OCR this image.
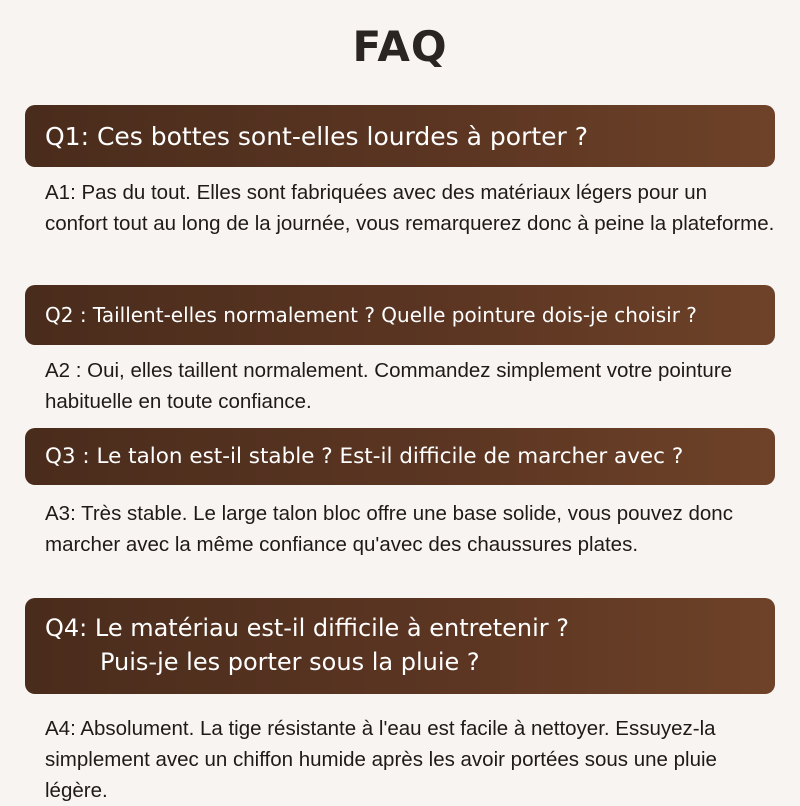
FAQ
Q1: Ces bottes sont-elles lourdes à porter ?
A1: Pas du tout. Elles sont fabriquées avec des matériaux légers pour un confort tout au long de la journée, vous remarquerez donc à peine la plateforme.
Q2 : Taillent-elles normalement ? Quelle pointure dois-je choisir ?
A2 : Oui, elles taillent normalement. Commandez simplement votre pointure habituelle en toute confiance.
Q3 : Le talon est-il stable ? Est-il difficile de marcher avec ?
A3: Très stable. Le large talon bloc offre une base solide, vous pouvez donc marcher avec la même confiance qu'avec des chaussures plates.
Q4: Le matériau est-il difficile à entretenir ?
Puis-je les porter sous la pluie ?
A4: Absolument. La tige résistante à l'eau est facile à nettoyer. Essuyez-la simplement avec un chiffon humide après les avoir portées sous une pluie légère.
